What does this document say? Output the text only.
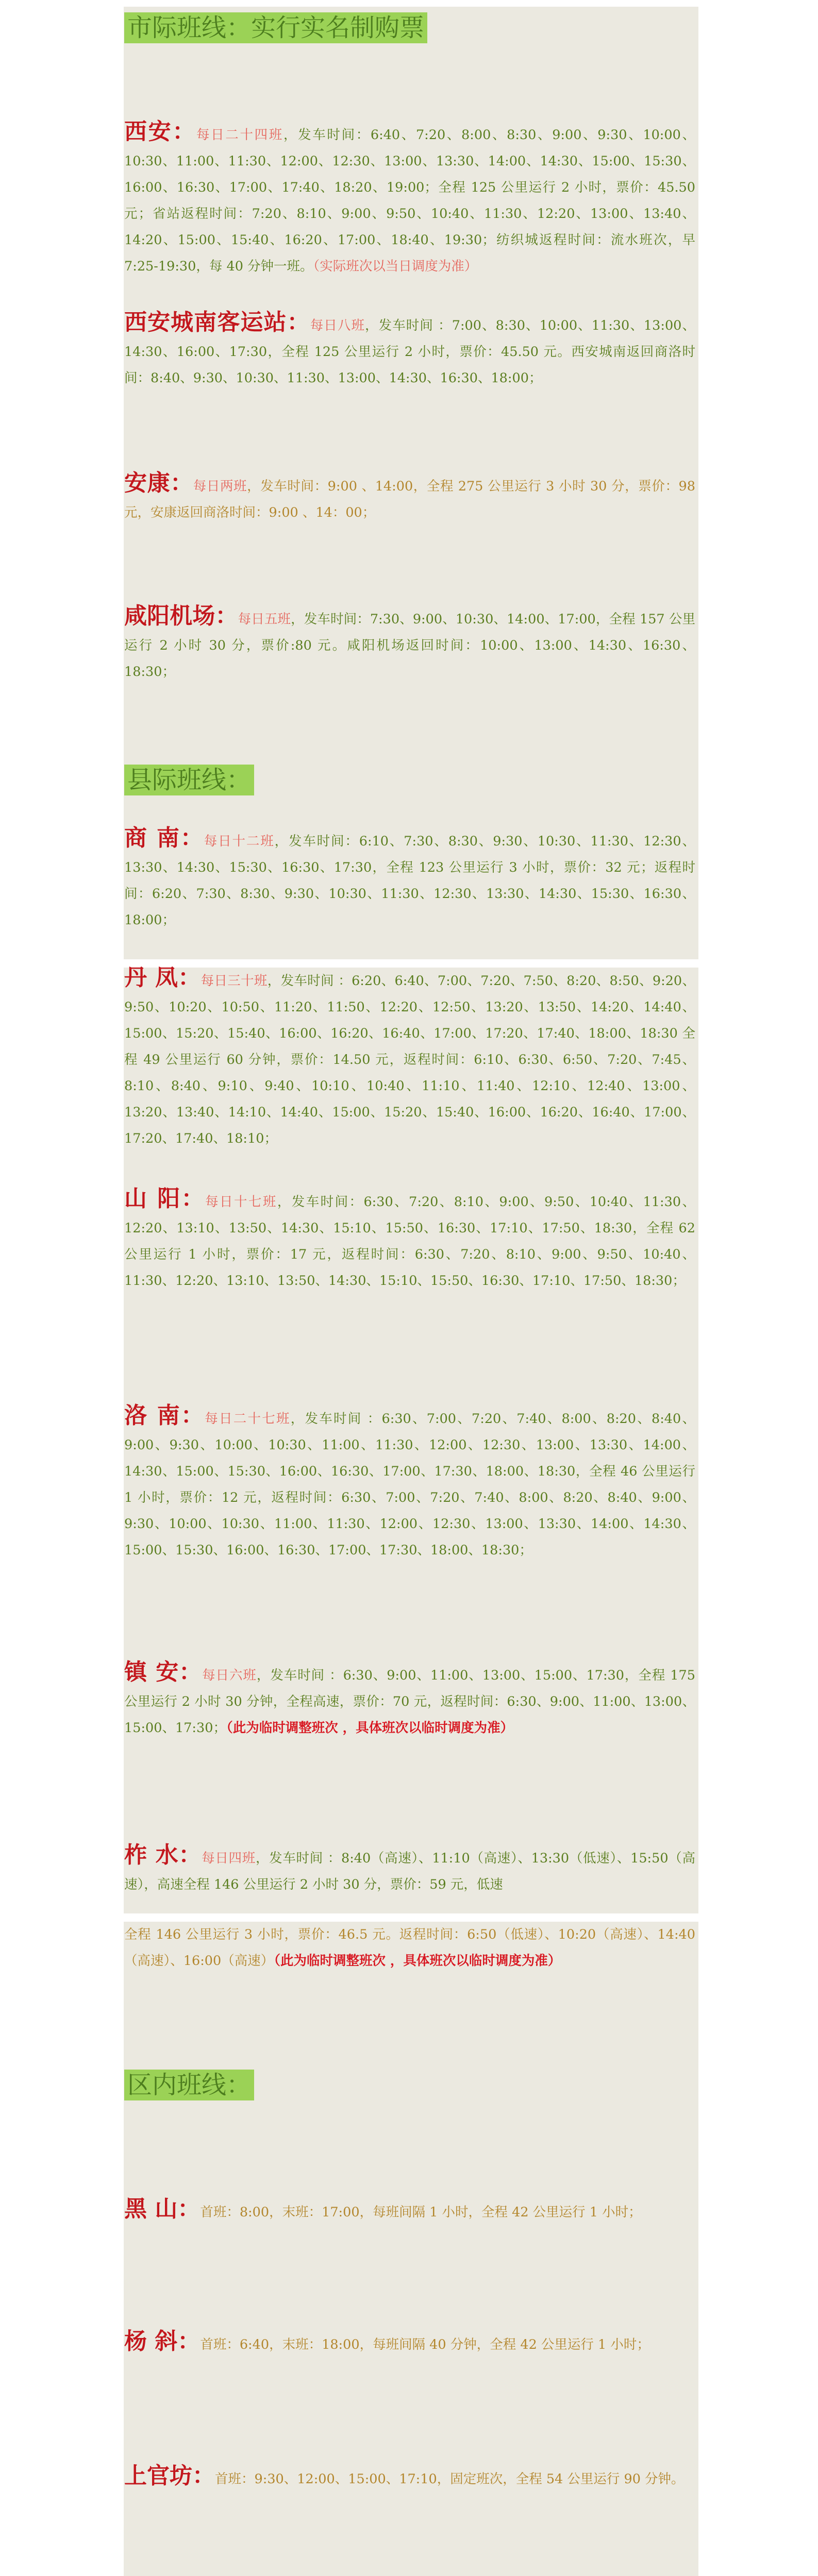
市际班线：实行实名制购票

西安：每日二十四班，发车时间：6:40、7:20、8:00、8:30、9:00、9:30、10:00、10:30、11:00、11:30、12:00、12:30、13:00、13:30、14:00、14:30、15:00、15:30、16:00、16:30、17:00、17:40、18:20、19:00；全程 125 公里运行 2 小时，票价：45.50 元；省站返程时间：7:20、8:10、9:00、9:50、10:40、11:30、12:20、13:00、13:40、14:20、15:00、15:40、16:20、17:00、18:40、19:30；纺织城返程时间：流水班次，早 7:25-19:30，每 40 分钟一班。（实际班次以当日调度为准）

西安城南客运站：每日八班，发车时间 ：7:00、8:30、10:00、11:30、13:00、14:30、16:00、17:30，全程 125 公里运行 2 小时，票价：45.50 元。西安城南返回商洛时间：8:40、9:30、10:30、11:30、13:00、14:30、16:30、18:00；

安康：每日两班，发车时间：9:00 、14:00，全程 275 公里运行 3 小时 30 分，票价：98 元，安康返回商洛时间：9:00 、14：00；

咸阳机场：每日五班，发车时间：7:30、9:00、10:30、14:00、17:00，全程 157 公里运行 2 小时 30 分，票价:80 元。咸阳机场返回时间：10:00、13:00、14:30、16:30、18:30；

县际班线：

商 南：每日十二班，发车时间：6:10、7:30、8:30、9:30、10:30、11:30、12:30、13:30、14:30、15:30、16:30、17:30，全程 123 公里运行 3 小时，票价：32 元；返程时间：6:20、7:30、8:30、9:30、10:30、11:30、12:30、13:30、14:30、15:30、16:30、18:00；

丹 凤：每日三十班，发车时间 ：6:20、6:40、7:00、7:20、7:50、8:20、8:50、9:20、9:50、10:20、10:50、11:20、11:50、12:20、12:50、13:20、13:50、14:20、14:40、15:00、15:20、15:40、16:00、16:20、16:40、17:00、17:20、17:40、18:00、18:30 全程 49 公里运行 60 分钟，票价：14.50 元，返程时间：6:10、6:30、6:50、7:20、7:45、8:10、8:40、9:10、9:40、10:10、10:40、11:10、11:40、12:10、12:40、13:00、13:20、13:40、14:10、14:40、15:00、15:20、15:40、16:00、16:20、16:40、17:00、17:20、17:40、18:10；

山 阳：每日十七班，发车时间：6:30、7:20、8:10、9:00、9:50、10:40、11:30、12:20、13:10、13:50、14:30、15:10、15:50、16:30、17:10、17:50、18:30，全程 62 公里运行 1 小时，票价：17 元，返程时间：6:30、7:20、8:10、9:00、9:50、10:40、11:30、12:20、13:10、13:50、14:30、15:10、15:50、16:30、17:10、17:50、18:30；

洛 南：每日二十七班，发车时间 ：6:30、7:00、7:20、7:40、8:00、8:20、8:40、9:00、9:30、10:00、10:30、11:00、11:30、12:00、12:30、13:00、13:30、14:00、14:30、15:00、15:30、16:00、16:30、17:00、17:30、18:00、18:30，全程 46 公里运行 1 小时，票价：12 元，返程时间：6:30、7:00、7:20、7:40、8:00、8:20、8:40、9:00、9:30、10:00、10:30、11:00、11:30、12:00、12:30、13:00、13:30、14:00、14:30、15:00、15:30、16:00、16:30、17:00、17:30、18:00、18:30；

镇 安：每日六班，发车时间 ：6:30、9:00、11:00、13:00、15:00、17:30，全程 175 公里运行 2 小时 30 分钟，全程高速，票价：70 元，返程时间：6:30、9:00、11:00、13:00、15:00、17:30；（此为临时调整班次 ，具体班次以临时调度为准）

柞 水：每日四班，发车时间 ：8:40（高速）、11:10（高速）、13:30（低速）、15:50（高速），高速全程 146 公里运行 2 小时 30 分，票价：59 元，低速

全程 146 公里运行 3 小时，票价：46.5 元。返程时间：6:50（低速）、10:20（高速）、14:40（高速）、16:00（高速）（此为临时调整班次 ，具体班次以临时调度为准）

区内班线：

黑 山：首班：8:00，末班：17:00，每班间隔 1 小时，全程 42 公里运行 1 小时；

杨 斜：首班：6:40，末班：18:00，每班间隔 40 分钟，全程 42 公里运行 1 小时；

上官坊：首班：9:30、12:00、15:00、17:10，固定班次，全程 54 公里运行 90 分钟。
